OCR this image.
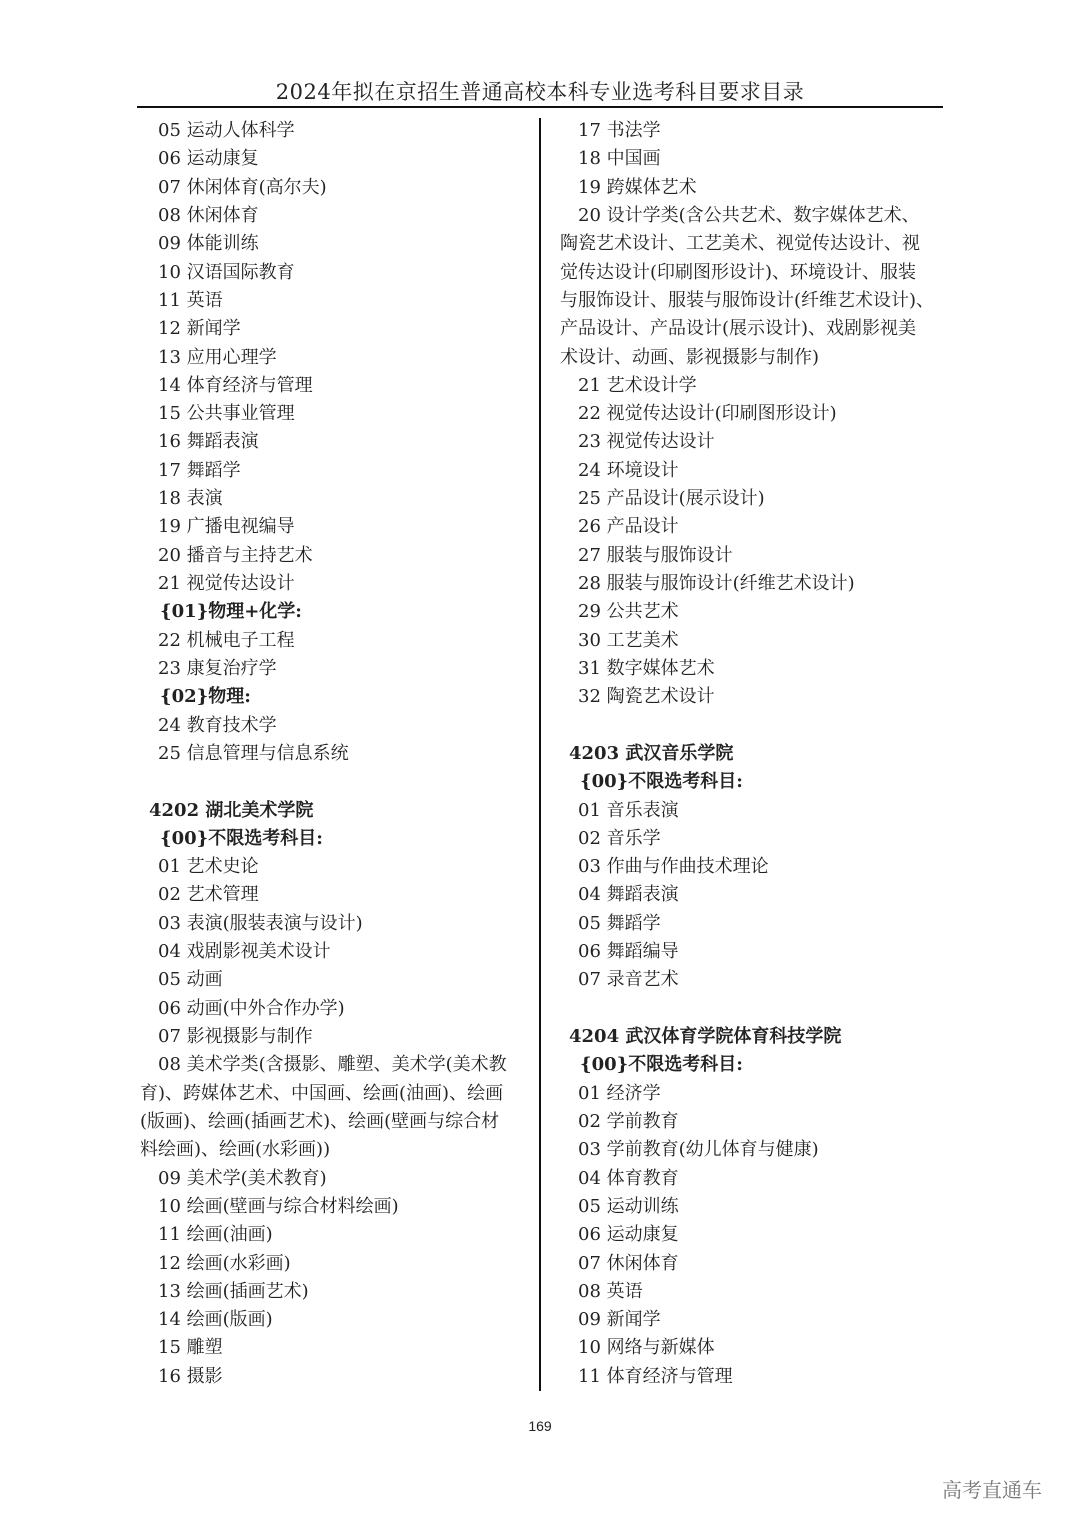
2024年拟在京招生普通高校本科专业选考科目要求目录
05 运动人体科学
06 运动康复
07 休闲体育(高尔夫)
08 休闲体育
09 体能训练
10 汉语国际教育
11 英语
12 新闻学
13 应用心理学
14 体育经济与管理
15 公共事业管理
16 舞蹈表演
17 舞蹈学
18 表演
19 广播电视编导
20 播音与主持艺术
21 视觉传达设计
{01}物理+化学:
22 机械电子工程
23 康复治疗学
{02}物理:
24 教育技术学
25 信息管理与信息系统
4202 湖北美术学院
{00}不限选考科目:
01 艺术史论
02 艺术管理
03 表演(服装表演与设计)
04 戏剧影视美术设计
05 动画
06 动画(中外合作办学)
07 影视摄影与制作
08 美术学类(含摄影、雕塑、美术学(美术教
育)、跨媒体艺术、中国画、绘画(油画)、绘画
(版画)、绘画(插画艺术)、绘画(壁画与综合材
料绘画)、绘画(水彩画))
09 美术学(美术教育)
10 绘画(壁画与综合材料绘画)
11 绘画(油画)
12 绘画(水彩画)
13 绘画(插画艺术)
14 绘画(版画)
15 雕塑
16 摄影
17 书法学
18 中国画
19 跨媒体艺术
20 设计学类(含公共艺术、数字媒体艺术、
陶瓷艺术设计、工艺美术、视觉传达设计、视
觉传达设计(印刷图形设计)、环境设计、服装
与服饰设计、服装与服饰设计(纤维艺术设计)、
产品设计、产品设计(展示设计)、戏剧影视美
术设计、动画、影视摄影与制作)
21 艺术设计学
22 视觉传达设计(印刷图形设计)
23 视觉传达设计
24 环境设计
25 产品设计(展示设计)
26 产品设计
27 服装与服饰设计
28 服装与服饰设计(纤维艺术设计)
29 公共艺术
30 工艺美术
31 数字媒体艺术
32 陶瓷艺术设计
4203 武汉音乐学院
{00}不限选考科目:
01 音乐表演
02 音乐学
03 作曲与作曲技术理论
04 舞蹈表演
05 舞蹈学
06 舞蹈编导
07 录音艺术
4204 武汉体育学院体育科技学院
{00}不限选考科目:
01 经济学
02 学前教育
03 学前教育(幼儿体育与健康)
04 体育教育
05 运动训练
06 运动康复
07 休闲体育
08 英语
09 新闻学
10 网络与新媒体
11 体育经济与管理
169
高考直通车
